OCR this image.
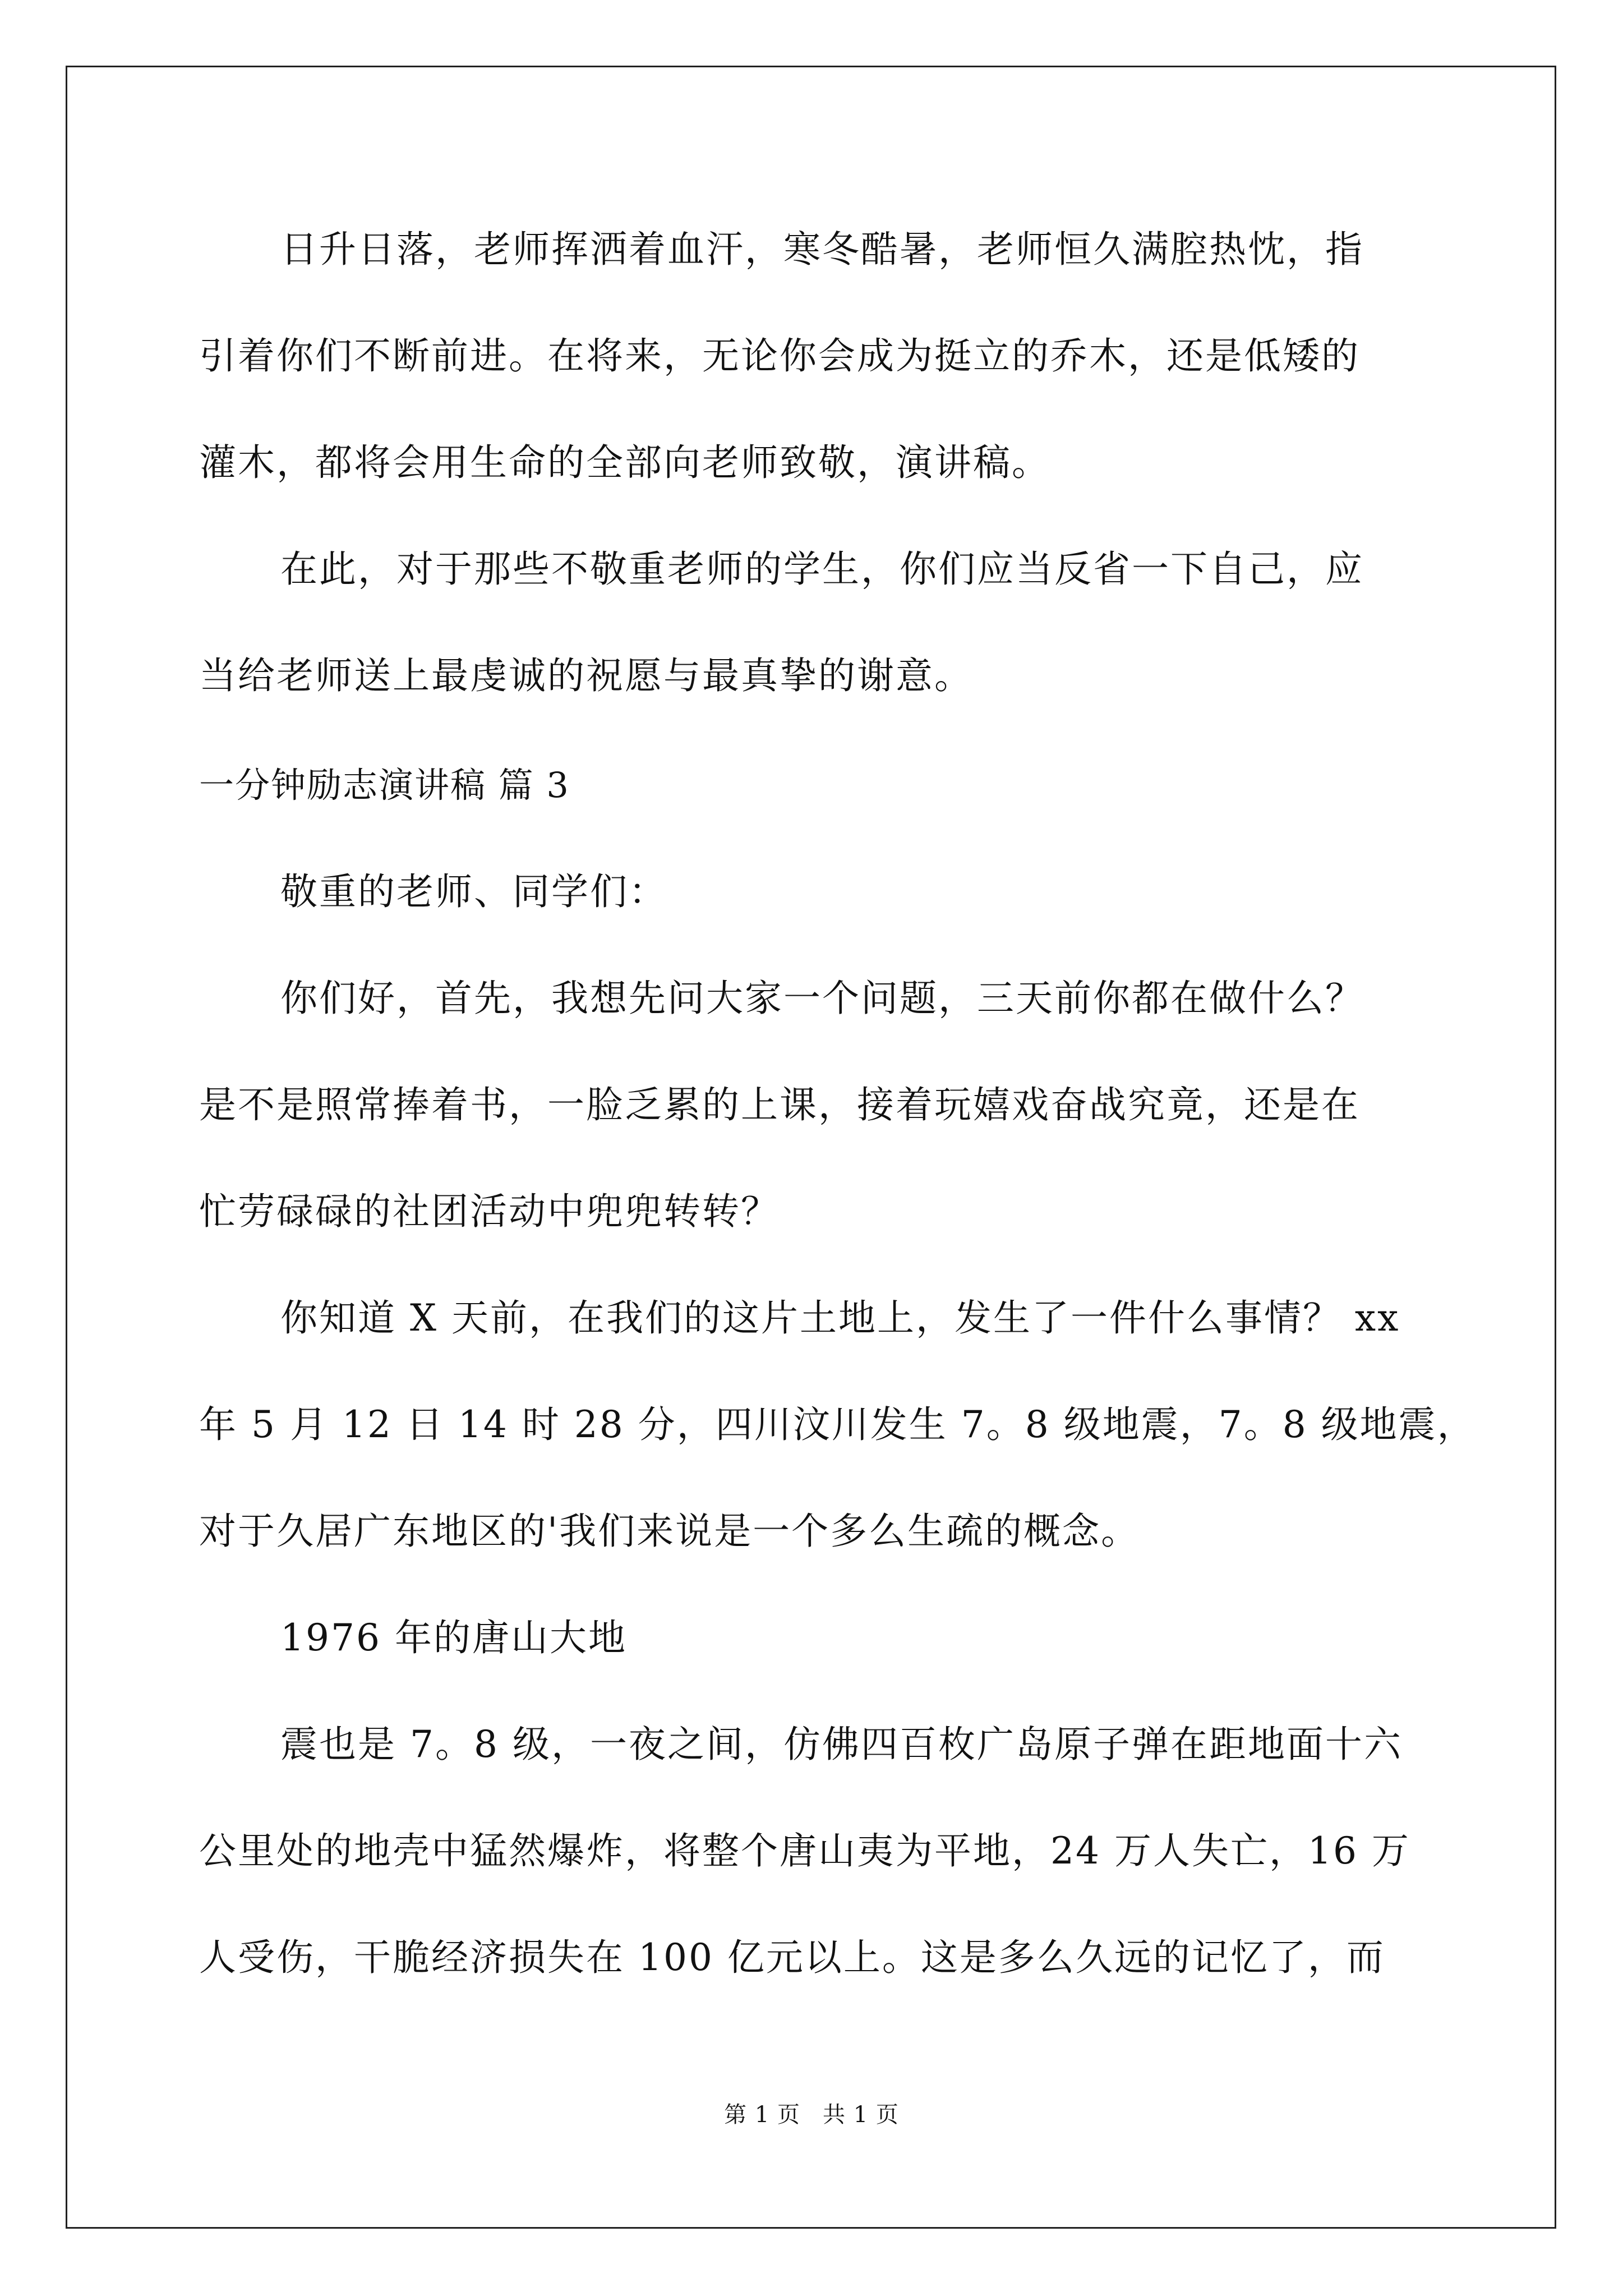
日升日落，老师挥洒着血汗，寒冬酷暑，老师恒久满腔热忱，指
引着你们不断前进。在将来，无论你会成为挺立的乔木，还是低矮的
灌木，都将会用生命的全部向老师致敬，演讲稿。
在此，对于那些不敬重老师的学生，你们应当反省一下自己，应
当给老师送上最虔诚的祝愿与最真挚的谢意。
一分钟励志演讲稿 篇 3
敬重的老师、同学们：
你们好，首先，我想先问大家一个问题，三天前你都在做什么？
是不是照常捧着书，一脸乏累的上课，接着玩嬉戏奋战究竟，还是在
忙劳碌碌的社团活动中兜兜转转？
你知道 X 天前，在我们的这片土地上，发生了一件什么事情？ xx
年 5 月 12 日 14 时 28 分，四川汶川发生 7。8 级地震，7。8 级地震，
对于久居广东地区的'我们来说是一个多么生疏的概念。
1976 年的唐山大地
震也是 7。8 级，一夜之间，仿佛四百枚广岛原子弹在距地面十六
公里处的地壳中猛然爆炸，将整个唐山夷为平地，24 万人失亡，16 万
人受伤，干脆经济损失在 100 亿元以上。这是多么久远的记忆了，而
第 1 页 共 1 页
